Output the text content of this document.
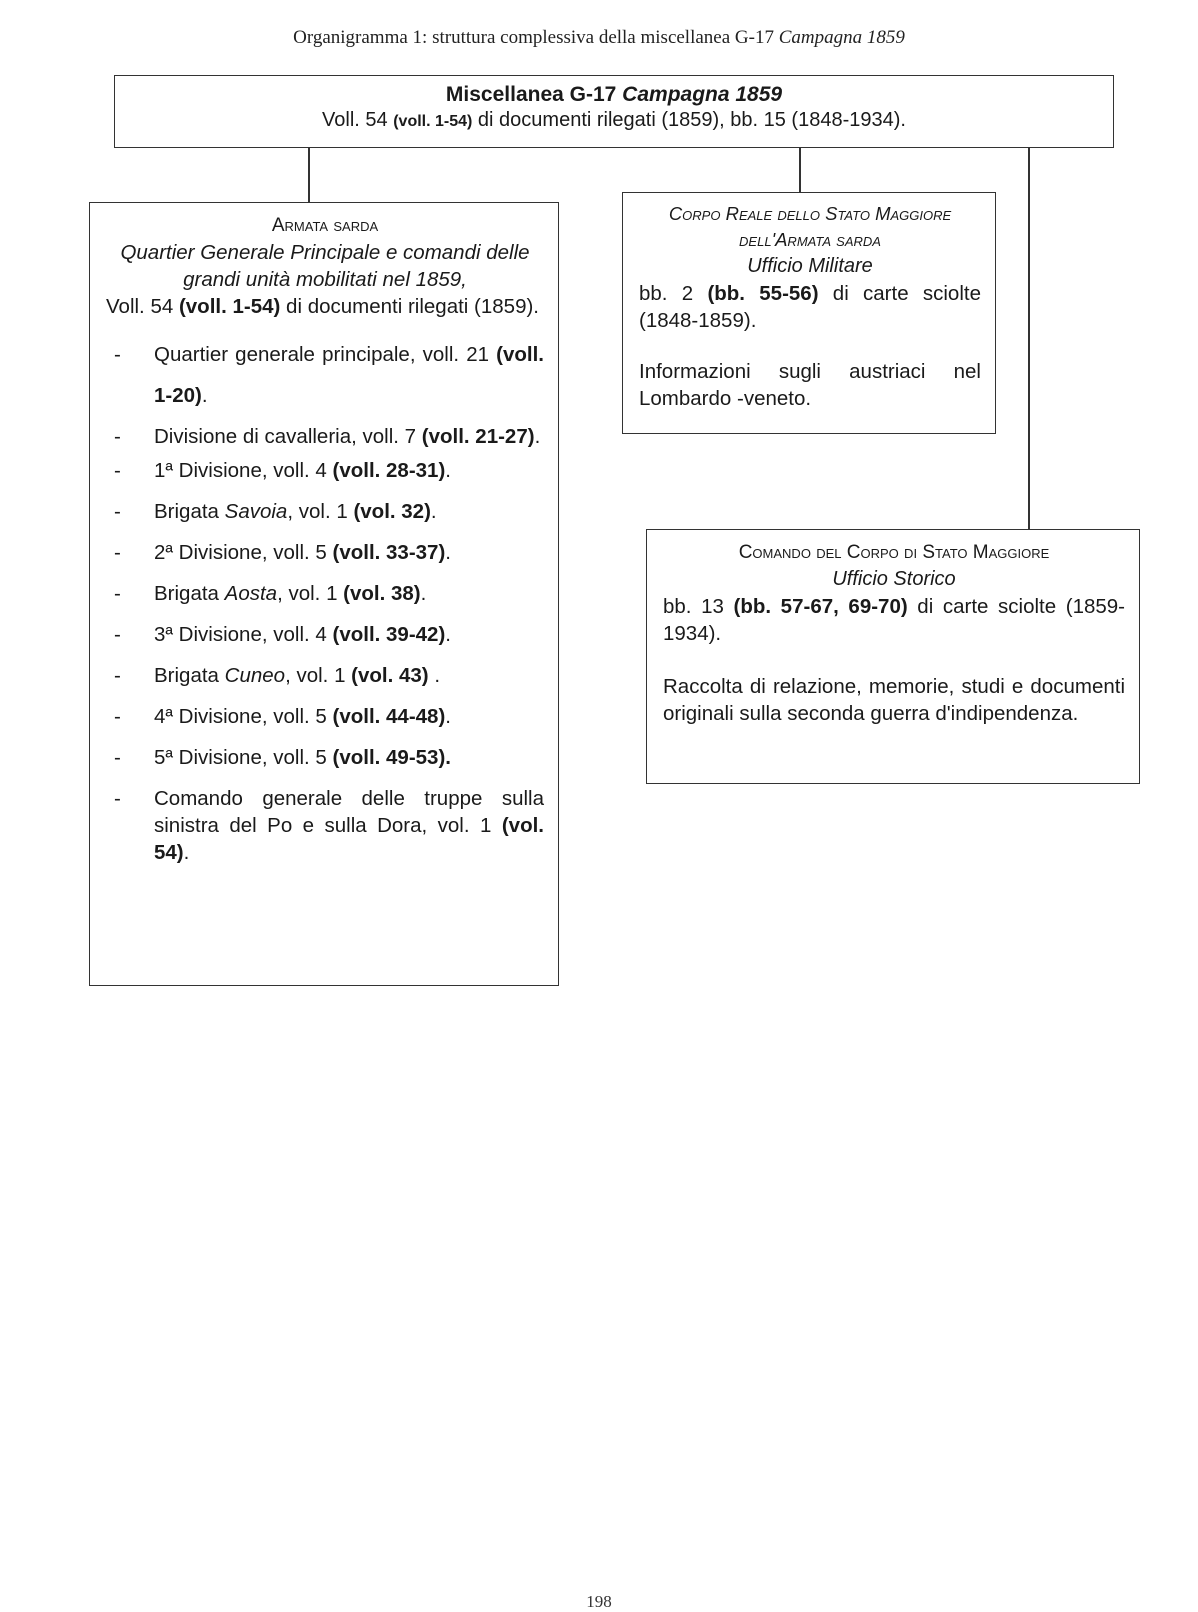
Organigramma 1: struttura complessiva della miscellanea G-17 Campagna 1859
Miscellanea G-17 Campagna 1859
Voll. 54 (voll. 1-54) di documenti rilegati (1859), bb. 15 (1848-1934).
Armata sarda
Quartier Generale Principale e comandi delle grandi unità mobilitati nel 1859,
Voll. 54 (voll. 1-54) di documenti rilegati (1859).
- Quartier generale principale, voll. 21 (voll. 1-20).
- Divisione di cavalleria, voll. 7 (voll. 21-27).
- 1ª Divisione, voll. 4 (voll. 28-31).
- Brigata Savoia, vol. 1 (vol. 32).
- 2ª Divisione, voll. 5 (voll. 33-37).
- Brigata Aosta, vol. 1 (vol. 38).
- 3ª Divisione, voll. 4 (voll. 39-42).
- Brigata Cuneo, vol. 1 (vol. 43) .
- 4ª Divisione, voll. 5 (voll. 44-48).
- 5ª Divisione, voll. 5 (voll. 49-53).
- Comando generale delle truppe sulla sinistra del Po e sulla Dora, vol. 1 (vol. 54).
Corpo Reale dello Stato Maggiore dell'Armata sarda
Ufficio Militare
bb. 2 (bb. 55-56) di carte sciolte (1848-1859).
Informazioni sugli austriaci nel Lombardo -veneto.
Comando del Corpo di Stato Maggiore
Ufficio Storico
bb. 13 (bb. 57-67, 69-70) di carte sciolte (1859-1934).
Raccolta di relazione, memorie, studi e documenti originali sulla seconda guerra d'indipendenza.
198
